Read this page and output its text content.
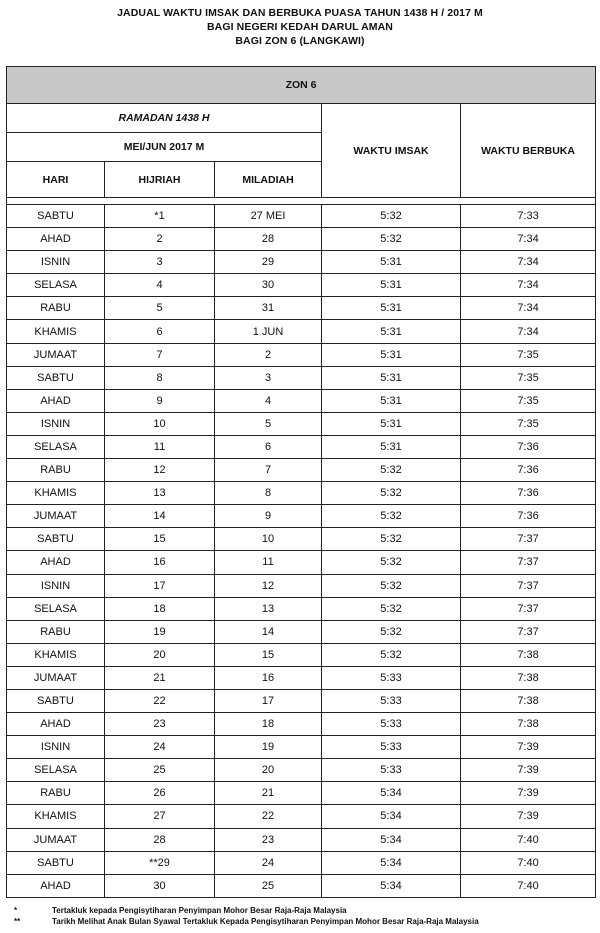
JADUAL WAKTU IMSAK DAN BERBUKA PUASA TAHUN 1438 H / 2017 M
BAGI NEGERI KEDAH DARUL AMAN
BAGI ZON 6 (LANGKAWI)
ZON 6				
RAMADAN 1438 H			WAKTU IMSAK	WAKTU BERBUKA
MEI/JUN 2017 M				
HARI	HIJRIAH	MILADIAH		

SABTU	*1	27 MEI	5:32	7:33
AHAD	2	28	5:32	7:34
ISNIN	3	29	5:31	7:34
SELASA	4	30	5:31	7:34
RABU	5	31	5:31	7:34
KHAMIS	6	1 JUN	5:31	7:34
JUMAAT	7	2	5:31	7:35
SABTU	8	3	5:31	7:35
AHAD	9	4	5:31	7:35
ISNIN	10	5	5:31	7:35
SELASA	11	6	5:31	7:36
RABU	12	7	5:32	7:36
KHAMIS	13	8	5:32	7:36
JUMAAT	14	9	5:32	7:36
SABTU	15	10	5:32	7:37
AHAD	16	11	5:32	7:37
ISNIN	17	12	5:32	7:37
SELASA	18	13	5:32	7:37
RABU	19	14	5:32	7:37
KHAMIS	20	15	5:32	7:38
JUMAAT	21	16	5:33	7:38
SABTU	22	17	5:33	7:38
AHAD	23	18	5:33	7:38
ISNIN	24	19	5:33	7:39
SELASA	25	20	5:33	7:39
RABU	26	21	5:34	7:39
KHAMIS	27	22	5:34	7:39
JUMAAT	28	23	5:34	7:40
SABTU	**29	24	5:34	7:40
AHAD	30	25	5:34	7:40
*	Tertakluk kepada Pengisytiharan Penyimpan Mohor Besar Raja-Raja Malaysia
**	Tarikh Melihat Anak Bulan Syawal Tertakluk Kepada Pengisytiharan Penyimpan Mohor Besar Raja-Raja Malaysia
